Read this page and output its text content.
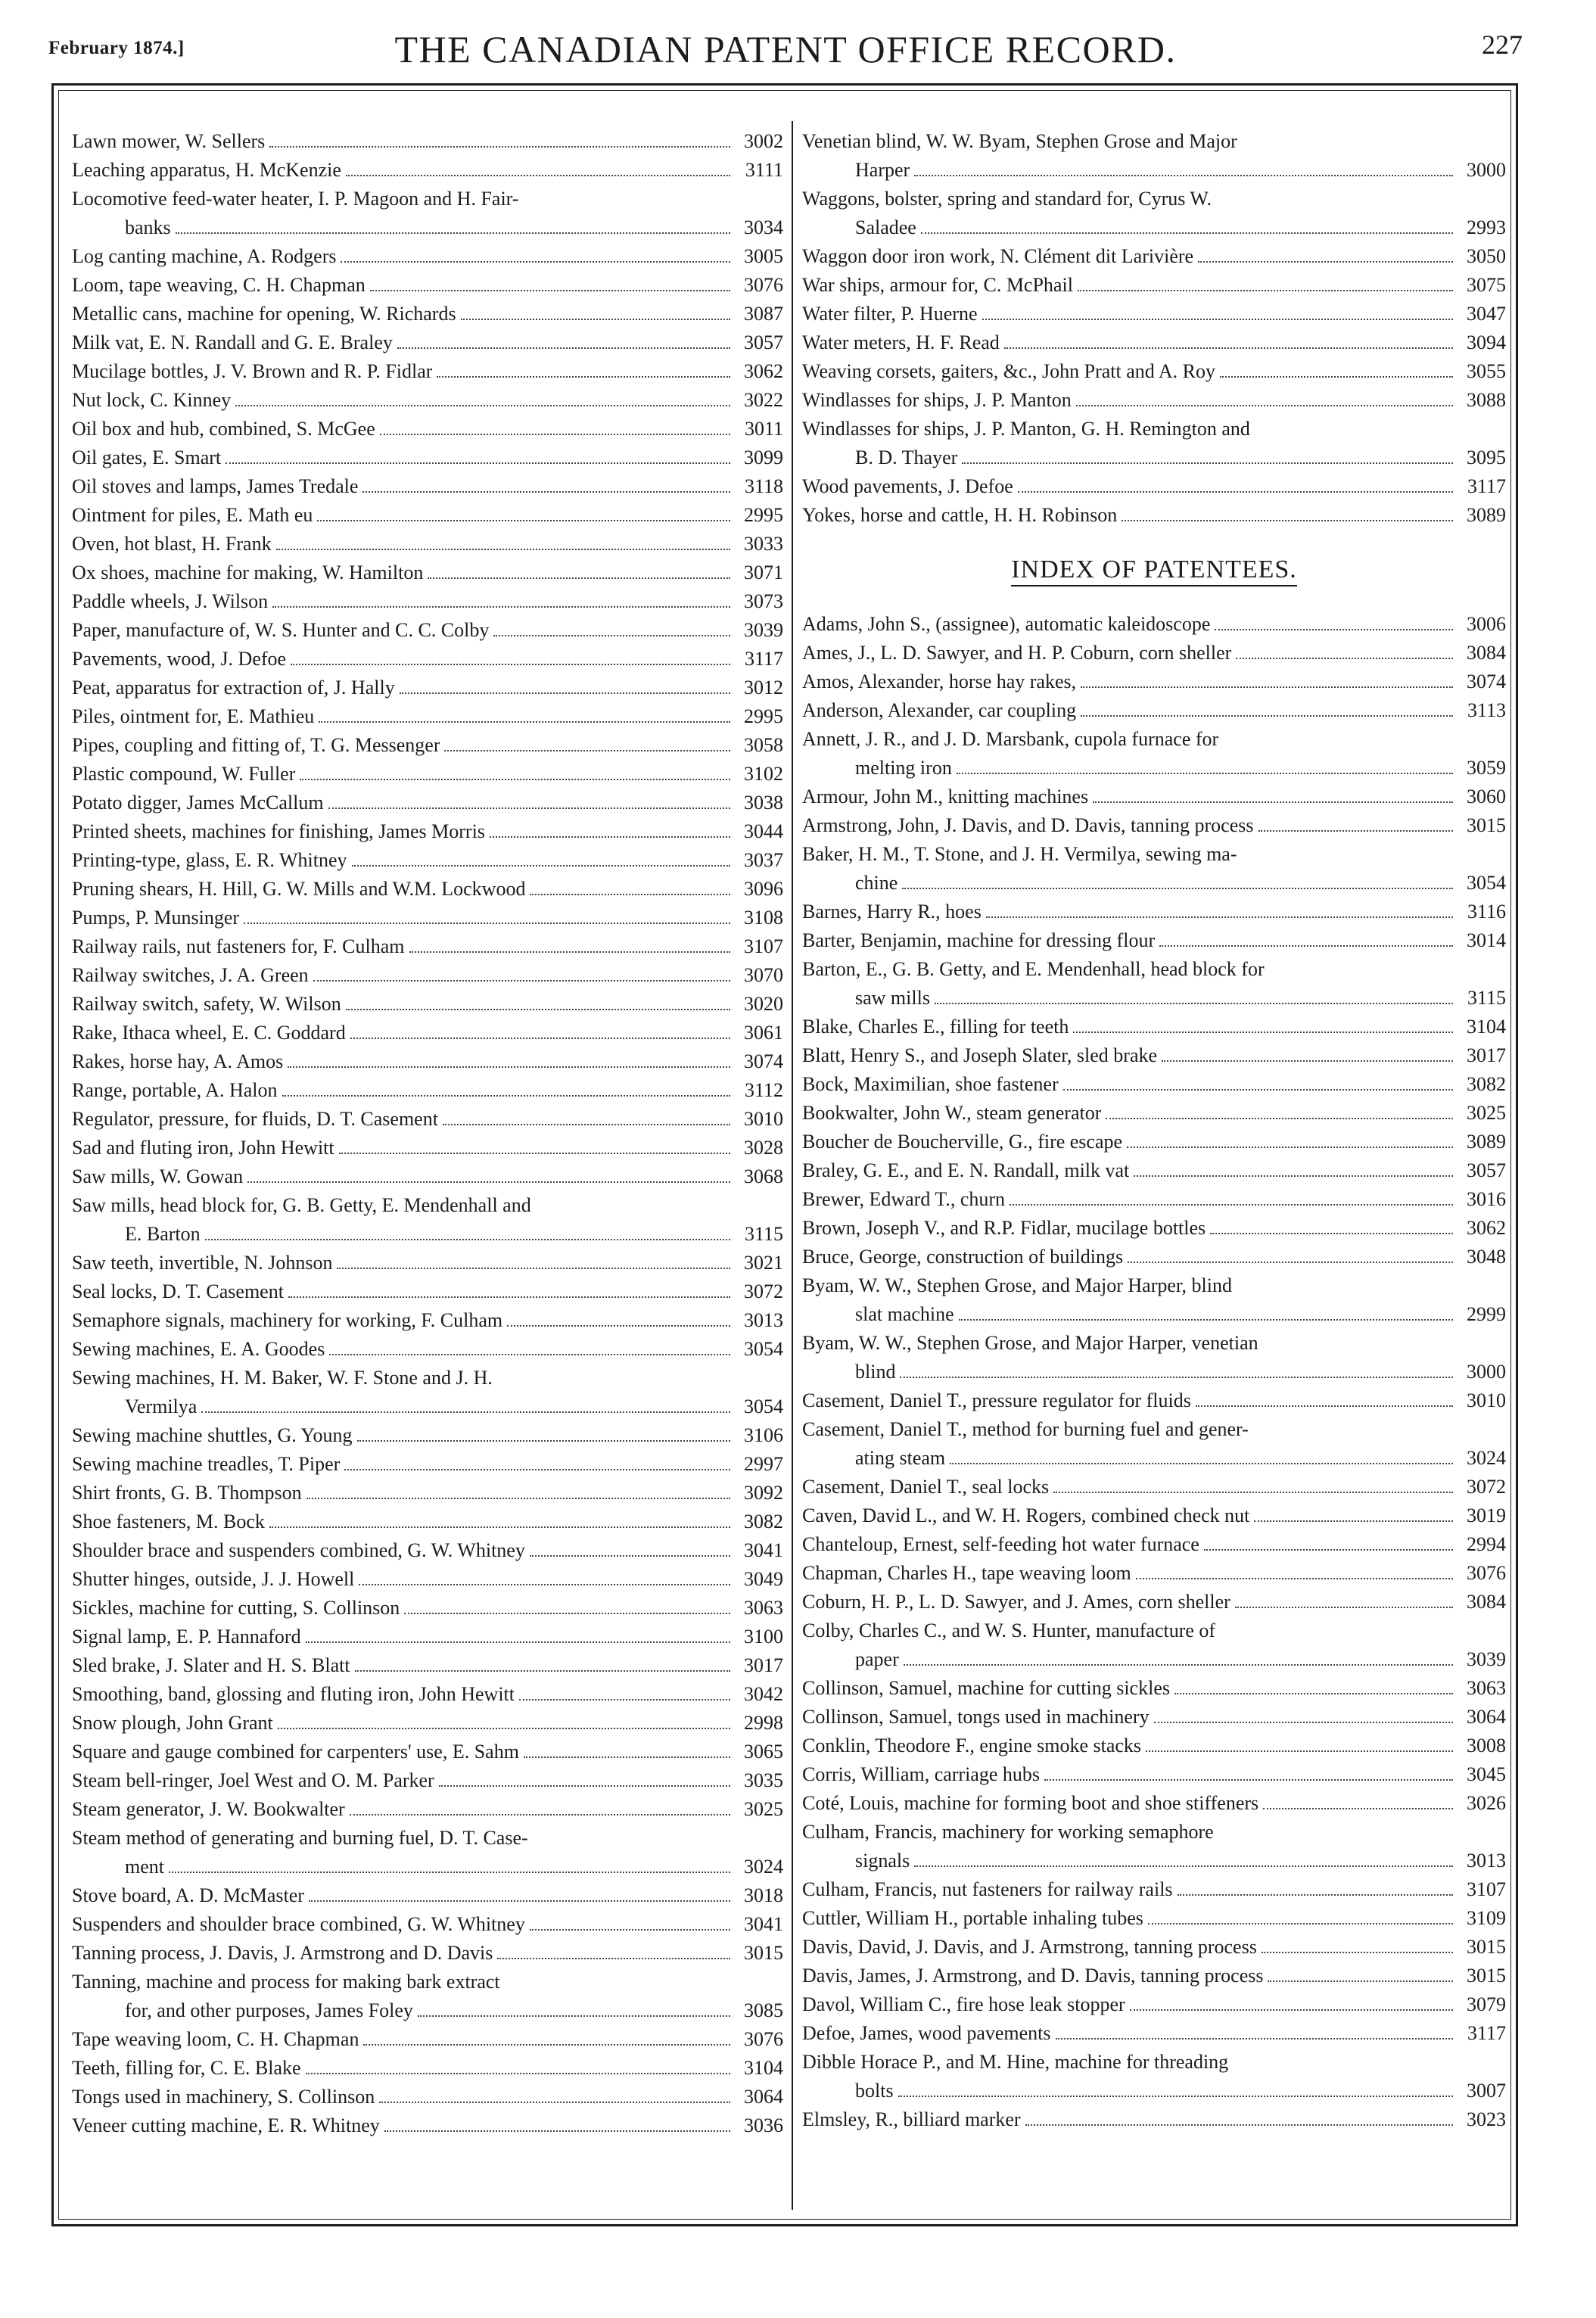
February 1874.]	THE CANADIAN PATENT OFFICE RECORD.	227
Lawn mower, W. Sellers	3002
Leaching apparatus, H. McKenzie	3111
Locomotive feed-water heater, I. P. Magoon and H. Fair-
banks	3034
Log canting machine, A. Rodgers	3005
Loom, tape weaving, C. H. Chapman	3076
Metallic cans, machine for opening, W. Richards	3087
Milk vat, E. N. Randall and G. E. Braley	3057
Mucilage bottles, J. V. Brown and R. P. Fidlar	3062
Nut lock, C. Kinney	3022
Oil box and hub, combined, S. McGee	3011
Oil gates, E. Smart	3099
Oil stoves and lamps, James Tredale	3118
Ointment for piles, E. Math eu	2995
Oven, hot blast, H. Frank	3033
Ox shoes, machine for making, W. Hamilton	3071
Paddle wheels, J. Wilson	3073
Paper, manufacture of, W. S. Hunter and C. C. Colby	3039
Pavements, wood, J. Defoe	3117
Peat, apparatus for extraction of, J. Hally	3012
Piles, ointment for, E. Mathieu	2995
Pipes, coupling and fitting of, T. G. Messenger	3058
Plastic compound, W. Fuller	3102
Potato digger, James McCallum	3038
Printed sheets, machines for finishing, James Morris	3044
Printing-type, glass, E. R. Whitney	3037
Pruning shears, H. Hill, G. W. Mills and W.M. Lockwood	3096
Pumps, P. Munsinger	3108
Railway rails, nut fasteners for, F. Culham	3107
Railway switches, J. A. Green	3070
Railway switch, safety, W. Wilson	3020
Rake, Ithaca wheel, E. C. Goddard	3061
Rakes, horse hay, A. Amos	3074
Range, portable, A. Halon	3112
Regulator, pressure, for fluids, D. T. Casement	3010
Sad and fluting iron, John Hewitt	3028
Saw mills, W. Gowan	3068
Saw mills, head block for, G. B. Getty, E. Mendenhall and
E. Barton	3115
Saw teeth, invertible, N. Johnson	3021
Seal locks, D. T. Casement	3072
Semaphore signals, machinery for working, F. Culham	3013
Sewing machines, E. A. Goodes	3054
Sewing machines, H. M. Baker, W. F. Stone and J. H.
Vermilya	3054
Sewing machine shuttles, G. Young	3106
Sewing machine treadles, T. Piper	2997
Shirt fronts, G. B. Thompson	3092
Shoe fasteners, M. Bock	3082
Shoulder brace and suspenders combined, G. W. Whitney	3041
Shutter hinges, outside, J. J. Howell	3049
Sickles, machine for cutting, S. Collinson	3063
Signal lamp, E. P. Hannaford	3100
Sled brake, J. Slater and H. S. Blatt	3017
Smoothing, band, glossing and fluting iron, John Hewitt	3042
Snow plough, John Grant	2998
Square and gauge combined for carpenters' use, E. Sahm	3065
Steam bell-ringer, Joel West and O. M. Parker	3035
Steam generator, J. W. Bookwalter	3025
Steam method of generating and burning fuel, D. T. Case-
ment	3024
Stove board, A. D. McMaster	3018
Suspenders and shoulder brace combined, G. W. Whitney	3041
Tanning process, J. Davis, J. Armstrong and D. Davis	3015
Tanning, machine and process for making bark extract
for, and other purposes, James Foley	3085
Tape weaving loom, C. H. Chapman	3076
Teeth, filling for, C. E. Blake	3104
Tongs used in machinery, S. Collinson	3064
Veneer cutting machine, E. R. Whitney	3036
Venetian blind, W. W. Byam, Stephen Grose and Major
Harper	3000
Waggons, bolster, spring and standard for, Cyrus W.
Saladee	2993
Waggon door iron work, N. Clément dit Larivière	3050
War ships, armour for, C. McPhail	3075
Water filter, P. Huerne	3047
Water meters, H. F. Read	3094
Weaving corsets, gaiters, &c., John Pratt and A. Roy	3055
Windlasses for ships, J. P. Manton	3088
Windlasses for ships, J. P. Manton, G. H. Remington and
B. D. Thayer	3095
Wood pavements, J. Defoe	3117
Yokes, horse and cattle, H. H. Robinson	3089
INDEX OF PATENTEES.
Adams, John S., (assignee), automatic kaleidoscope	3006
Ames, J., L. D. Sawyer, and H. P. Coburn, corn sheller	3084
Amos, Alexander, horse hay rakes,	3074
Anderson, Alexander, car coupling	3113
Annett, J. R., and J. D. Marsbank, cupola furnace for
melting iron	3059
Armour, John M., knitting machines	3060
Armstrong, John, J. Davis, and D. Davis, tanning process	3015
Baker, H. M., T. Stone, and J. H. Vermilya, sewing ma-
chine	3054
Barnes, Harry R., hoes	3116
Barter, Benjamin, machine for dressing flour	3014
Barton, E., G. B. Getty, and E. Mendenhall, head block for
saw mills	3115
Blake, Charles E., filling for teeth	3104
Blatt, Henry S., and Joseph Slater, sled brake	3017
Bock, Maximilian, shoe fastener	3082
Bookwalter, John W., steam generator	3025
Boucher de Boucherville, G., fire escape	3089
Braley, G. E., and E. N. Randall, milk vat	3057
Brewer, Edward T., churn	3016
Brown, Joseph V., and R.P. Fidlar, mucilage bottles	3062
Bruce, George, construction of buildings	3048
Byam, W. W., Stephen Grose, and Major Harper, blind
slat machine	2999
Byam, W. W., Stephen Grose, and Major Harper, venetian
blind	3000
Casement, Daniel T., pressure regulator for fluids	3010
Casement, Daniel T., method for burning fuel and gener-
ating steam	3024
Casement, Daniel T., seal locks	3072
Caven, David L., and W. H. Rogers, combined check nut	3019
Chanteloup, Ernest, self-feeding hot water furnace	2994
Chapman, Charles H., tape weaving loom	3076
Coburn, H. P., L. D. Sawyer, and J. Ames, corn sheller	3084
Colby, Charles C., and W. S. Hunter, manufacture of
paper	3039
Collinson, Samuel, machine for cutting sickles	3063
Collinson, Samuel, tongs used in machinery	3064
Conklin, Theodore F., engine smoke stacks	3008
Corris, William, carriage hubs	3045
Coté, Louis, machine for forming boot and shoe stiffeners	3026
Culham, Francis, machinery for working semaphore
signals	3013
Culham, Francis, nut fasteners for railway rails	3107
Cuttler, William H., portable inhaling tubes	3109
Davis, David, J. Davis, and J. Armstrong, tanning process	3015
Davis, James, J. Armstrong, and D. Davis, tanning process	3015
Davol, William C., fire hose leak stopper	3079
Defoe, James, wood pavements	3117
Dibble Horace P., and M. Hine, machine for threading
bolts	3007
Elmsley, R., billiard marker	3023
